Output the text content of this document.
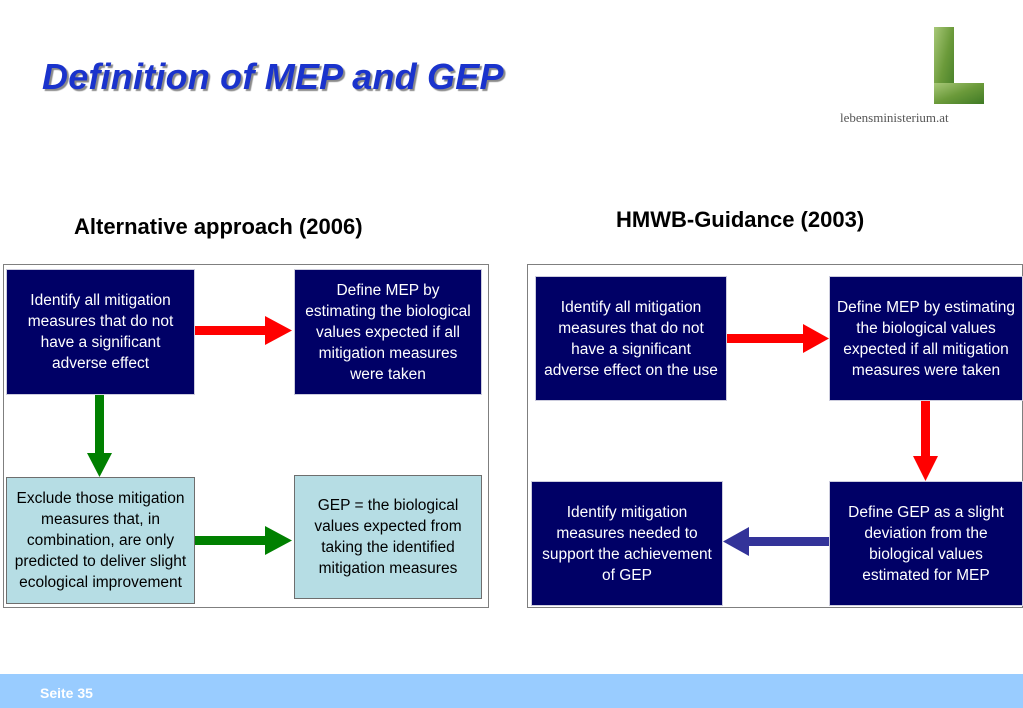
Definition of MEP and GEP
lebensministerium.at
Alternative approach (2006)	HMWB-Guidance (2003)
Identify all mitigation measures that do not have a significant adverse effect
Define MEP by estimating the biological values expected if all mitigation measures were taken
Exclude those mitigation measures that, in combination, are only predicted to deliver slight ecological improvement
GEP = the biological values expected from taking the identified mitigation measures
Identify all mitigation measures that do not have a significant adverse effect on the use
Define MEP by estimating the biological values expected if all mitigation measures were taken
Identify mitigation measures needed to support the achievement of GEP
Define GEP as a slight deviation from the biological values estimated for MEP
Seite 35
